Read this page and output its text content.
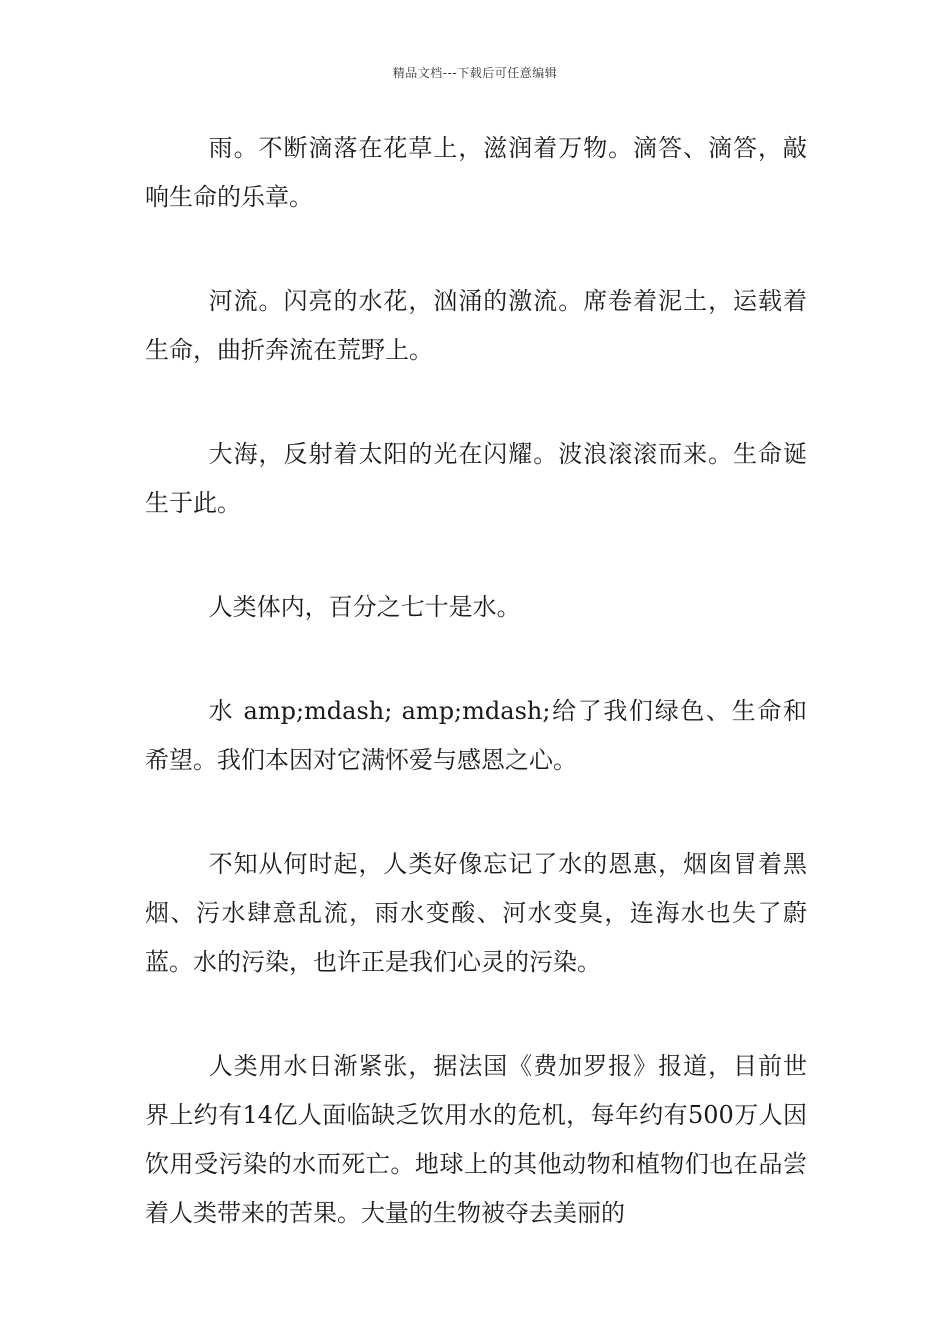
精品文档---下载后可任意编辑

雨。不断滴落在花草上，滋润着万物。滴答、滴答，敲响生命的乐章。

河流。闪亮的水花，汹涌的激流。席卷着泥土，运载着生命，曲折奔流在荒野上。

大海，反射着太阳的光在闪耀。波浪滚滚而来。生命诞生于此。

人类体内，百分之七十是水。

水 amp;mdash; amp;mdash;给了我们绿色、生命和希望。我们本因对它满怀爱与感恩之心。

不知从何时起，人类好像忘记了水的恩惠，烟囱冒着黑烟、污水肆意乱流，雨水变酸、河水变臭，连海水也失了蔚蓝。水的污染，也许正是我们心灵的污染。

人类用水日渐紧张，据法国《费加罗报》报道，目前世界上约有14亿人面临缺乏饮用水的危机，每年约有500万人因饮用受污染的水而死亡。地球上的其他动物和植物们也在品尝着人类带来的苦果。大量的生物被夺去美丽的
